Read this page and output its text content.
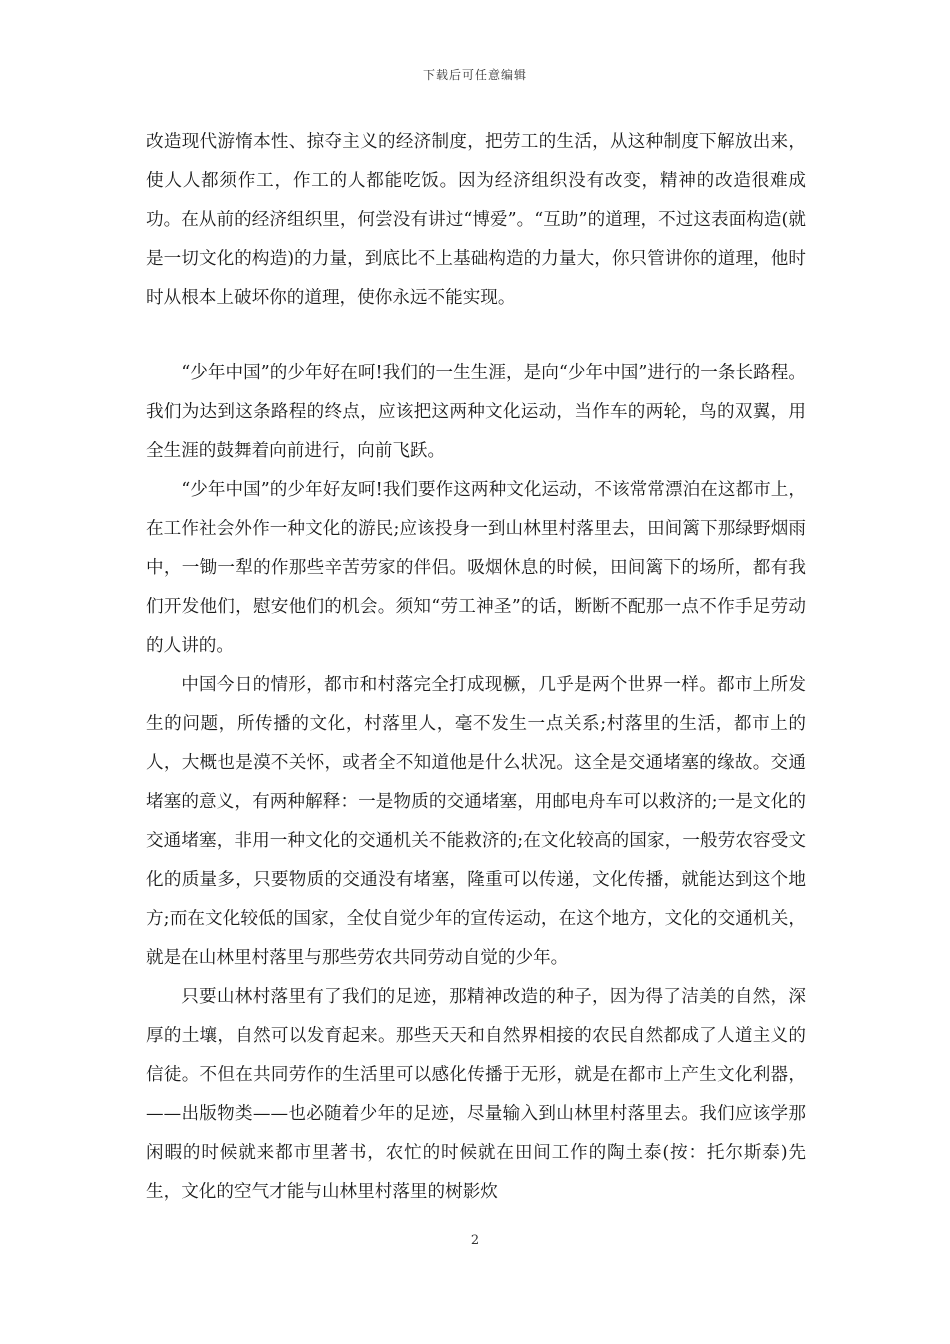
下载后可任意编辑

改造现代游惰本性、掠夺主义的经济制度，把劳工的生活，从这种制度下解放出来，使人人都须作工，作工的人都能吃饭。因为经济组织没有改变，精神的改造很难成功。在从前的经济组织里，何尝没有讲过“博爱”。“互助”的道理，不过这表面构造(就是一切文化的构造)的力量，到底比不上基础构造的力量大，你只管讲你的道理，他时时从根本上破坏你的道理，使你永远不能实现。

“少年中国”的少年好在呵!我们的一生生涯，是向“少年中国”进行的一条长路程。我们为达到这条路程的终点，应该把这两种文化运动，当作车的两轮，鸟的双翼，用全生涯的鼓舞着向前进行，向前飞跃。

“少年中国”的少年好友呵!我们要作这两种文化运动，不该常常漂泊在这都市上，在工作社会外作一种文化的游民;应该投身一到山林里村落里去，田间篱下那绿野烟雨中，一锄一犁的作那些辛苦劳家的伴侣。吸烟休息的时候，田间篱下的场所，都有我们开发他们，慰安他们的机会。须知“劳工神圣”的话，断断不配那一点不作手足劳动的人讲的。

中国今日的情形，都市和村落完全打成现橛，几乎是两个世界一样。都市上所发生的问题，所传播的文化，村落里人，毫不发生一点关系;村落里的生活，都市上的人，大概也是漠不关怀，或者全不知道他是什么状况。这全是交通堵塞的缘故。交通堵塞的意义，有两种解释：一是物质的交通堵塞，用邮电舟车可以救济的;一是文化的交通堵塞，非用一种文化的交通机关不能救济的;在文化较高的国家，一般劳农容受文化的质量多，只要物质的交通没有堵塞，隆重可以传递，文化传播，就能达到这个地方;而在文化较低的国家，全仗自觉少年的宣传运动，在这个地方，文化的交通机关，就是在山林里村落里与那些劳农共同劳动自觉的少年。

只要山林村落里有了我们的足迹，那精神改造的种子，因为得了洁美的自然，深厚的土壤，自然可以发育起来。那些天天和自然界相接的农民自然都成了人道主义的信徒。不但在共同劳作的生活里可以感化传播于无形，就是在都市上产生文化利器，——出版物类——也必随着少年的足迹，尽量输入到山林里村落里去。我们应该学那闲暇的时候就来都市里著书，农忙的时候就在田间工作的陶土泰(按：托尔斯泰)先生，文化的空气才能与山林里村落里的树影炊

2
